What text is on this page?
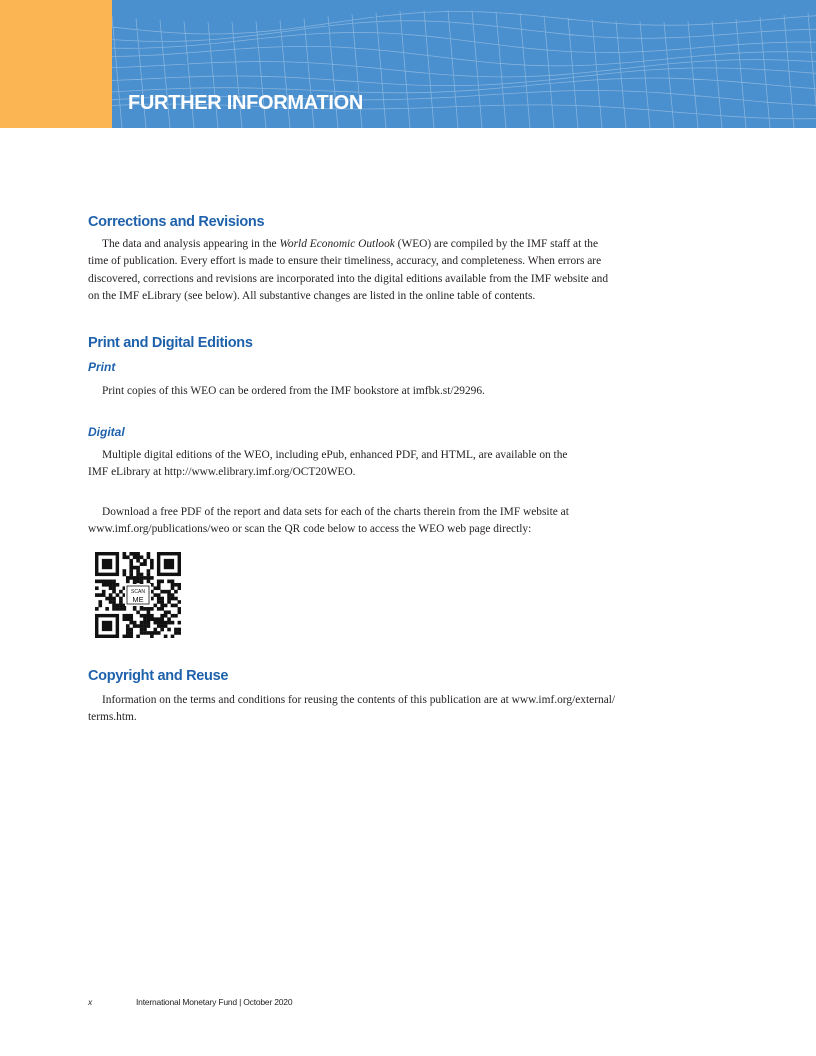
FURTHER INFORMATION
Corrections and Revisions

The data and analysis appearing in the World Economic Outlook (WEO) are compiled by the IMF staff at the
time of publication. Every effort is made to ensure their timeliness, accuracy, and completeness. When errors are
discovered, corrections and revisions are incorporated into the digital editions available from the IMF website and
on the IMF eLibrary (see below). All substantive changes are listed in the online table of contents.

Print and Digital Editions
Print

Print copies of this WEO can be ordered from the IMF bookstore at imfbk.st/29296.

Digital

Multiple digital editions of the WEO, including ePub, enhanced PDF, and HTML, are available on the
IMF eLibrary at http://www.elibrary.imf.org/OCT20WEO.

Download a free PDF of the report and data sets for each of the charts therein from the IMF website at
www.imf.org/publications/weo or scan the QR code below to access the WEO web page directly:

SCAN
ME
Copyright and Reuse

Information on the terms and conditions for reusing the contents of this publication are at www.imf.org/external/
terms.htm.

x	International Monetary Fund | October 2020
